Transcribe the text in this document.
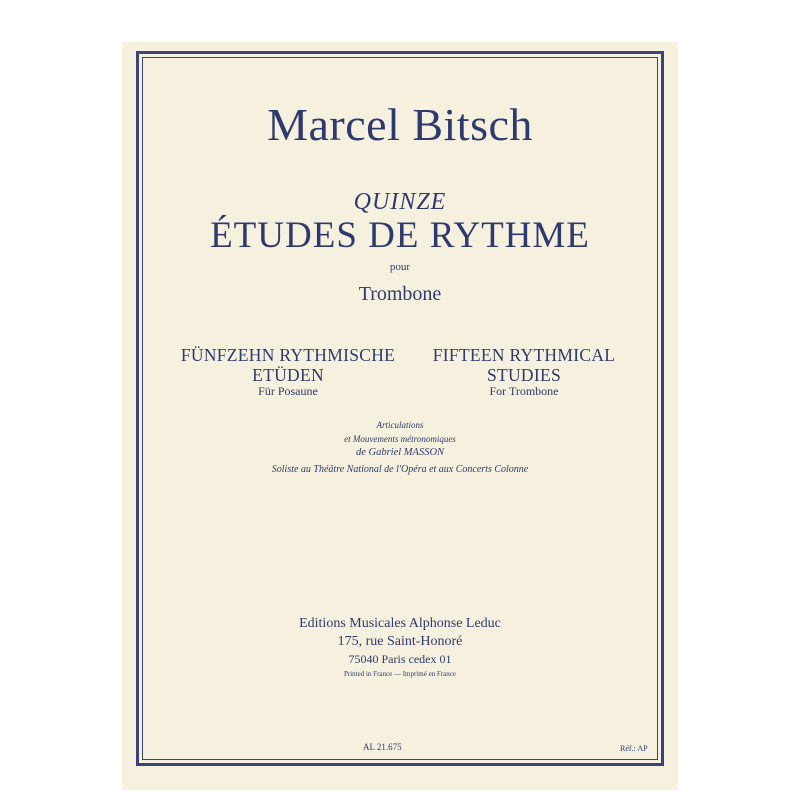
Marcel Bitsch
QUINZE
ÉTUDES DE RYTHME
pour
Trombone
FÜNFZEHN RYTHMISCHE
ETÜDEN
Für Posaune
FIFTEEN RYTHMICAL
STUDIES
For Trombone
Articulations
et Mouvements métronomiques
de Gabriel MASSON
Soliste au Théâtre National de l'Opéra et aux Concerts Colonne
Editions Musicales Alphonse Leduc
175, rue Saint-Honoré
75040 Paris cedex 01
Printed in France — Imprimé en France
AL 21.675	Réf.: AP
